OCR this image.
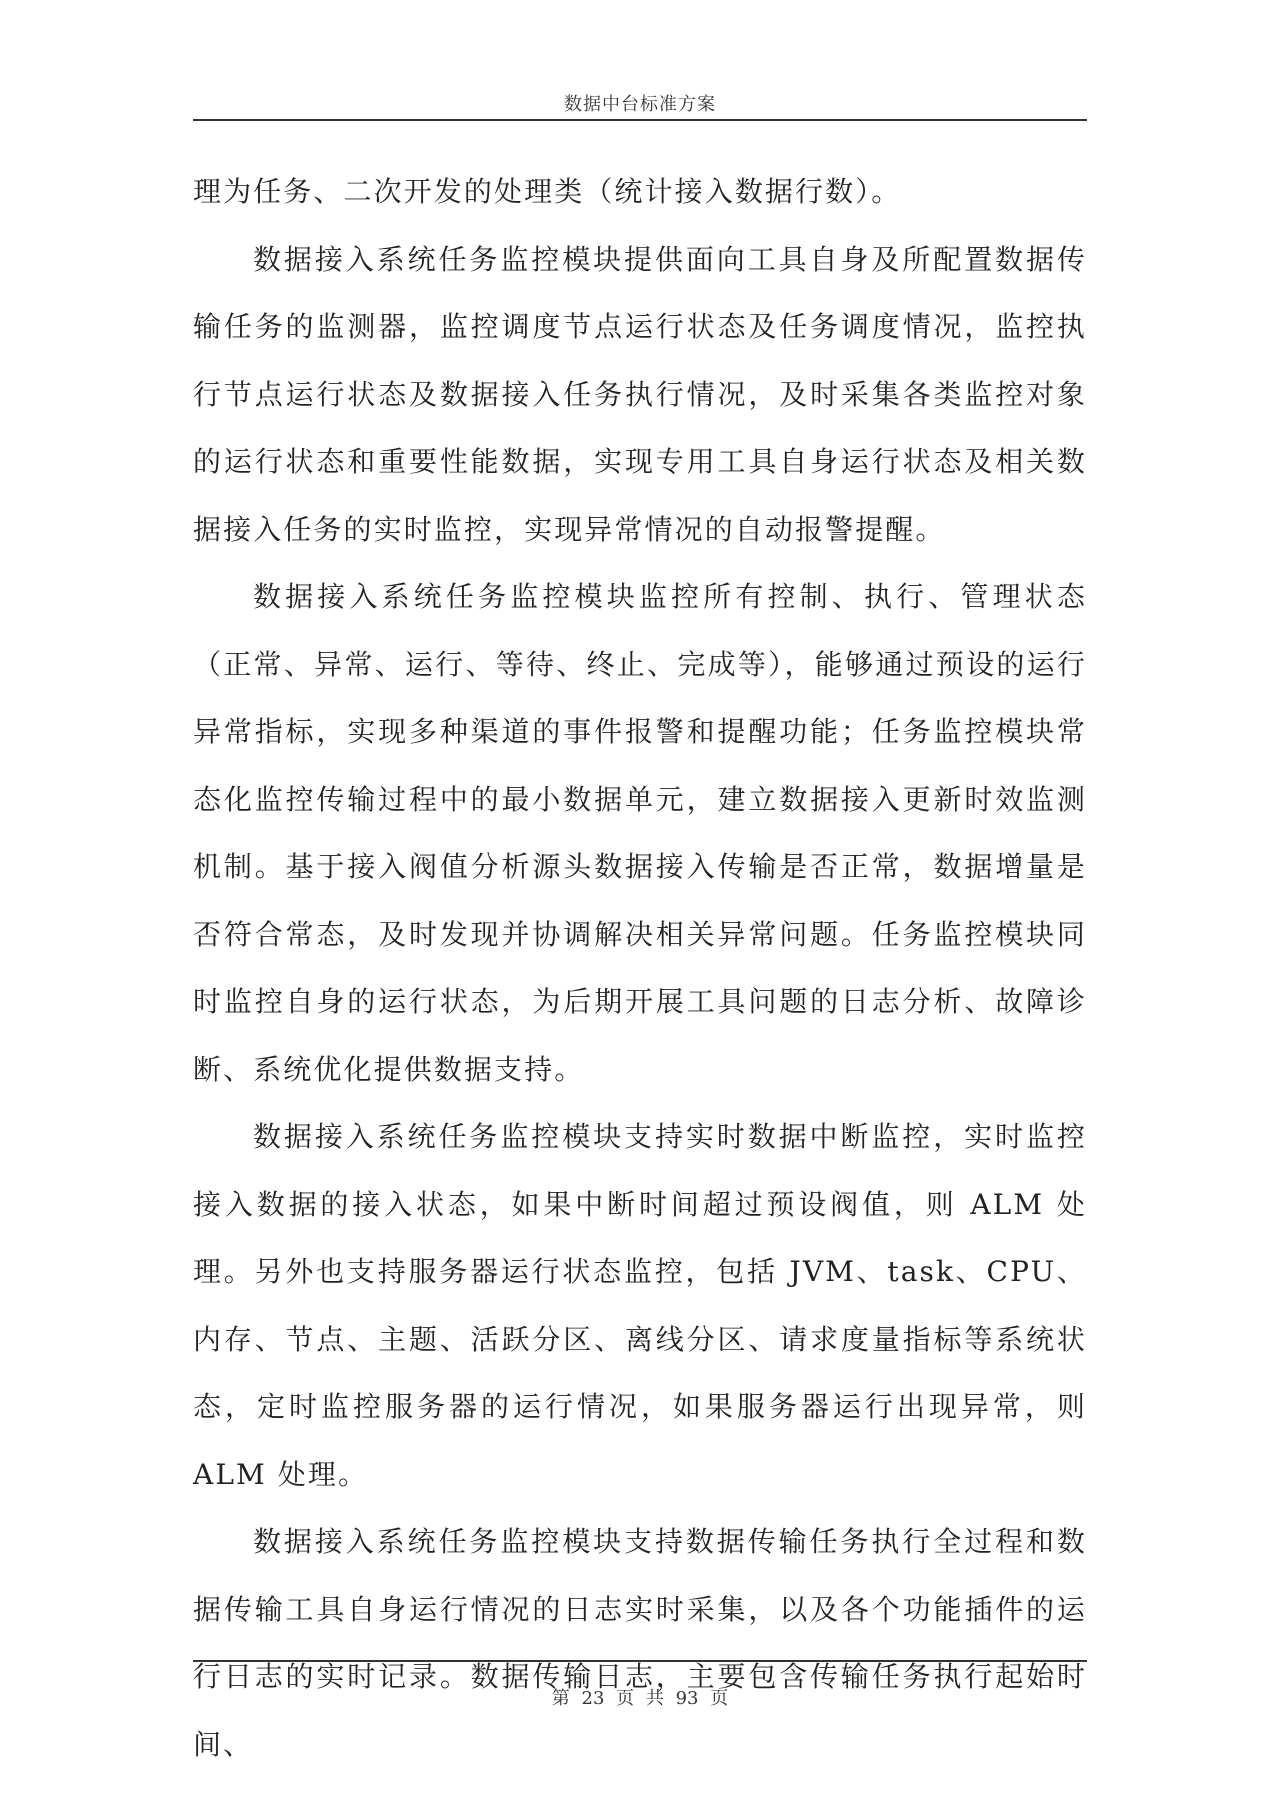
数据中台标准方案

理为任务、二次开发的处理类（统计接入数据行数）。

数据接入系统任务监控模块提供面向工具自身及所配置数据传输任务的监测器，监控调度节点运行状态及任务调度情况，监控执行节点运行状态及数据接入任务执行情况，及时采集各类监控对象的运行状态和重要性能数据，实现专用工具自身运行状态及相关数据接入任务的实时监控，实现异常情况的自动报警提醒。

数据接入系统任务监控模块监控所有控制、执行、管理状态（正常、异常、运行、等待、终止、完成等），能够通过预设的运行异常指标，实现多种渠道的事件报警和提醒功能；任务监控模块常态化监控传输过程中的最小数据单元，建立数据接入更新时效监测机制。基于接入阀值分析源头数据接入传输是否正常，数据增量是否符合常态，及时发现并协调解决相关异常问题。任务监控模块同时监控自身的运行状态，为后期开展工具问题的日志分析、故障诊断、系统优化提供数据支持。

数据接入系统任务监控模块支持实时数据中断监控，实时监控接入数据的接入状态，如果中断时间超过预设阀值，则 ALM 处理。另外也支持服务器运行状态监控，包括 JVM、task、CPU、内存、节点、主题、活跃分区、离线分区、请求度量指标等系统状态，定时监控服务器的运行情况，如果服务器运行出现异常，则 ALM 处理。

数据接入系统任务监控模块支持数据传输任务执行全过程和数据传输工具自身运行情况的日志实时采集，以及各个功能插件的运行日志的实时记录。数据传输日志，主要包含传输任务执行起始时间、

第 23 页 共 93 页
